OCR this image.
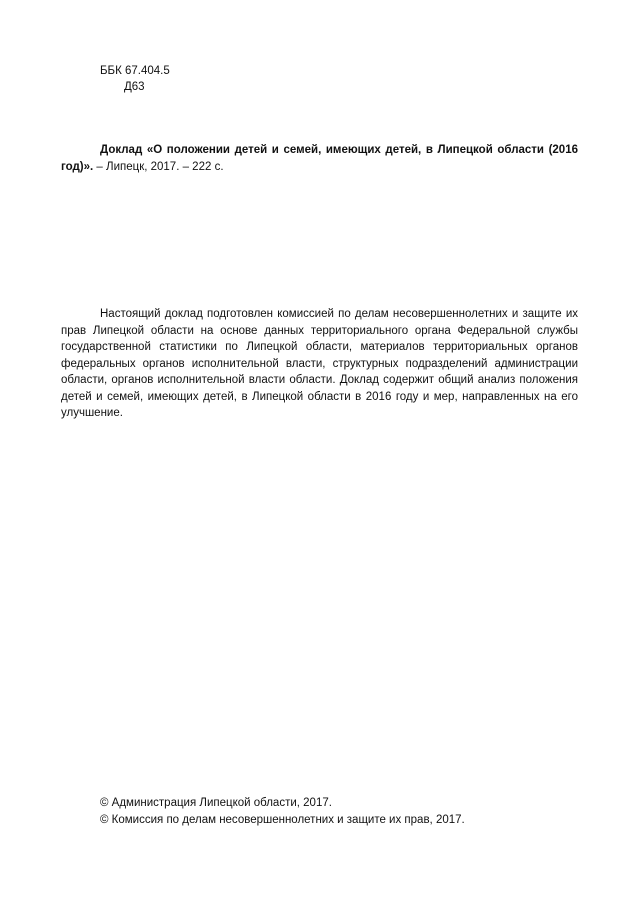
ББК 67.404.5
Д63

Доклад «О положении детей и семей, имеющих детей, в Липецкой области (2016 год)». – Липецк, 2017. – 222 с.

Настоящий доклад подготовлен комиссией по делам несовершеннолетних и защите их прав Липецкой области на основе данных территориального органа Федеральной службы государственной статистики по Липецкой области, материалов территориальных органов федеральных органов исполнительной власти, структурных подразделений администрации области, органов исполнительной власти области. Доклад содержит общий анализ положения детей и семей, имеющих детей, в Липецкой области в 2016 году и мер, направленных на его улучшение.

© Администрация Липецкой области, 2017.
© Комиссия по делам несовершеннолетних и защите их прав, 2017.
